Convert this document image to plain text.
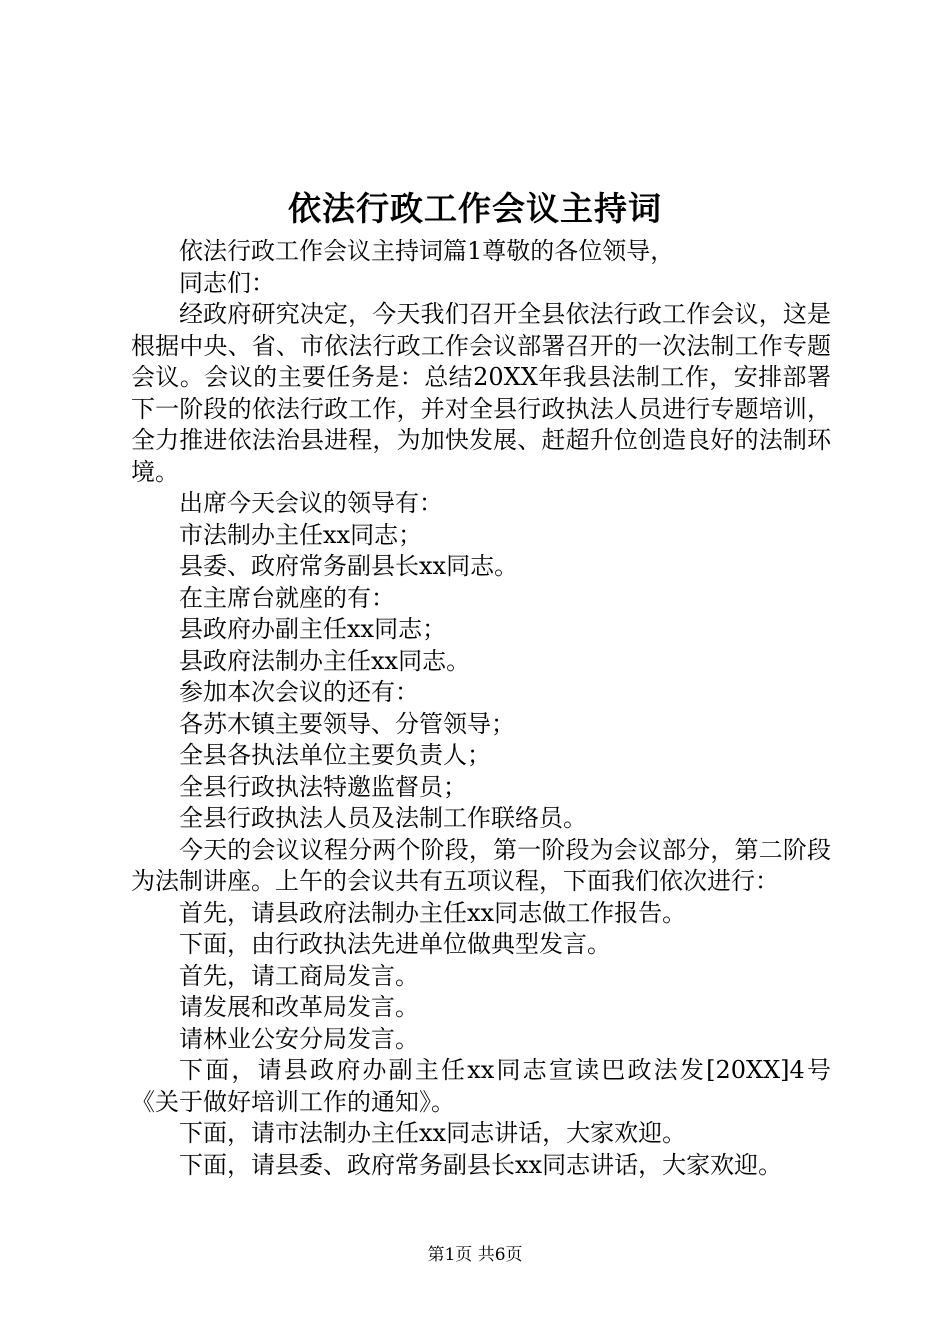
依法行政工作会议主持词

依法行政工作会议主持词篇1尊敬的各位领导，

同志们：

经政府研究决定，今天我们召开全县依法行政工作会议，这是根据中央、省、市依法行政工作会议部署召开的一次法制工作专题会议。会议的主要任务是：总结20XX年我县法制工作，安排部署下一阶段的依法行政工作，并对全县行政执法人员进行专题培训，全力推进依法治县进程，为加快发展、赶超升位创造良好的法制环境。

出席今天会议的领导有：

市法制办主任xx同志；

县委、政府常务副县长xx同志。

在主席台就座的有：

县政府办副主任xx同志；

县政府法制办主任xx同志。

参加本次会议的还有：

各苏木镇主要领导、分管领导；

全县各执法单位主要负责人；

全县行政执法特邀监督员；

全县行政执法人员及法制工作联络员。

今天的会议议程分两个阶段，第一阶段为会议部分，第二阶段为法制讲座。上午的会议共有五项议程，下面我们依次进行：

首先，请县政府法制办主任xx同志做工作报告。

下面，由行政执法先进单位做典型发言。

首先，请工商局发言。

请发展和改革局发言。

请林业公安分局发言。

下面，请县政府办副主任xx同志宣读巴政法发[20XX]4号《关于做好培训工作的通知》。

下面，请市法制办主任xx同志讲话，大家欢迎。

下面，请县委、政府常务副县长xx同志讲话，大家欢迎。

第1页 共6页
